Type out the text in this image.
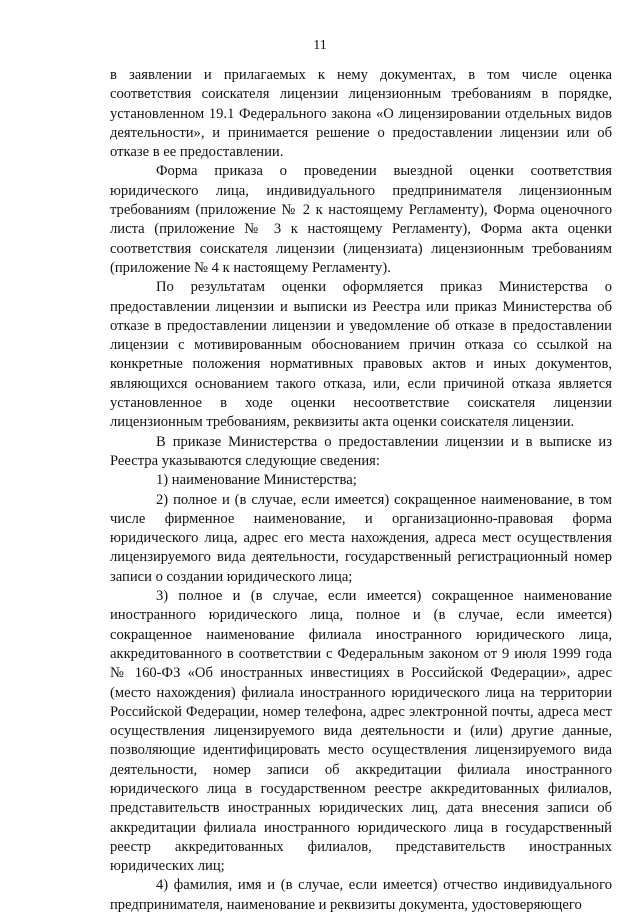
11

в заявлении и прилагаемых к нему документах, в том числе оценка соответствия соискателя лицензии лицензионным требованиям в порядке, установленном 19.1 Федерального закона «О лицензировании отдельных видов деятельности», и принимается решение о предоставлении лицензии или об отказе в ее предоставлении.

Форма приказа о проведении выездной оценки соответствия юридического лица, индивидуального предпринимателя лицензионным требованиям (приложение № 2 к настоящему Регламенту), Форма оценочного листа (приложение № 3 к настоящему Регламенту), Форма акта оценки соответствия соискателя лицензии (лицензиата) лицензионным требованиям (приложение № 4 к настоящему Регламенту).

По результатам оценки оформляется приказ Министерства о предоставлении лицензии и выписки из Реестра или приказ Министерства об отказе в предоставлении лицензии и уведомление об отказе в предоставлении лицензии с мотивированным обоснованием причин отказа со ссылкой на конкретные положения нормативных правовых актов и иных документов, являющихся основанием такого отказа, или, если причиной отказа является установленное в ходе оценки несоответствие соискателя лицензии лицензионным требованиям, реквизиты акта оценки соискателя лицензии.

В приказе Министерства о предоставлении лицензии и в выписке из Реестра указываются следующие сведения:

1) наименование Министерства;

2) полное и (в случае, если имеется) сокращенное наименование, в том числе фирменное наименование, и организационно-правовая форма юридического лица, адрес его места нахождения, адреса мест осуществления лицензируемого вида деятельности, государственный регистрационный номер записи о создании юридического лица;

3) полное и (в случае, если имеется) сокращенное наименование иностранного юридического лица, полное и (в случае, если имеется) сокращенное наименование филиала иностранного юридического лица, аккредитованного в соответствии с Федеральным законом от 9 июля 1999 года № 160-ФЗ «Об иностранных инвестициях в Российской Федерации», адрес (место нахождения) филиала иностранного юридического лица на территории Российской Федерации, номер телефона, адрес электронной почты, адреса мест осуществления лицензируемого вида деятельности и (или) другие данные, позволяющие идентифицировать место осуществления лицензируемого вида деятельности, номер записи об аккредитации филиала иностранного юридического лица в государственном реестре аккредитованных филиалов, представительств иностранных юридических лиц, дата внесения записи об аккредитации филиала иностранного юридического лица в государственный реестр аккредитованных филиалов, представительств иностранных юридических лиц;

4) фамилия, имя и (в случае, если имеется) отчество индивидуального предпринимателя, наименование и реквизиты документа, удостоверяющего
